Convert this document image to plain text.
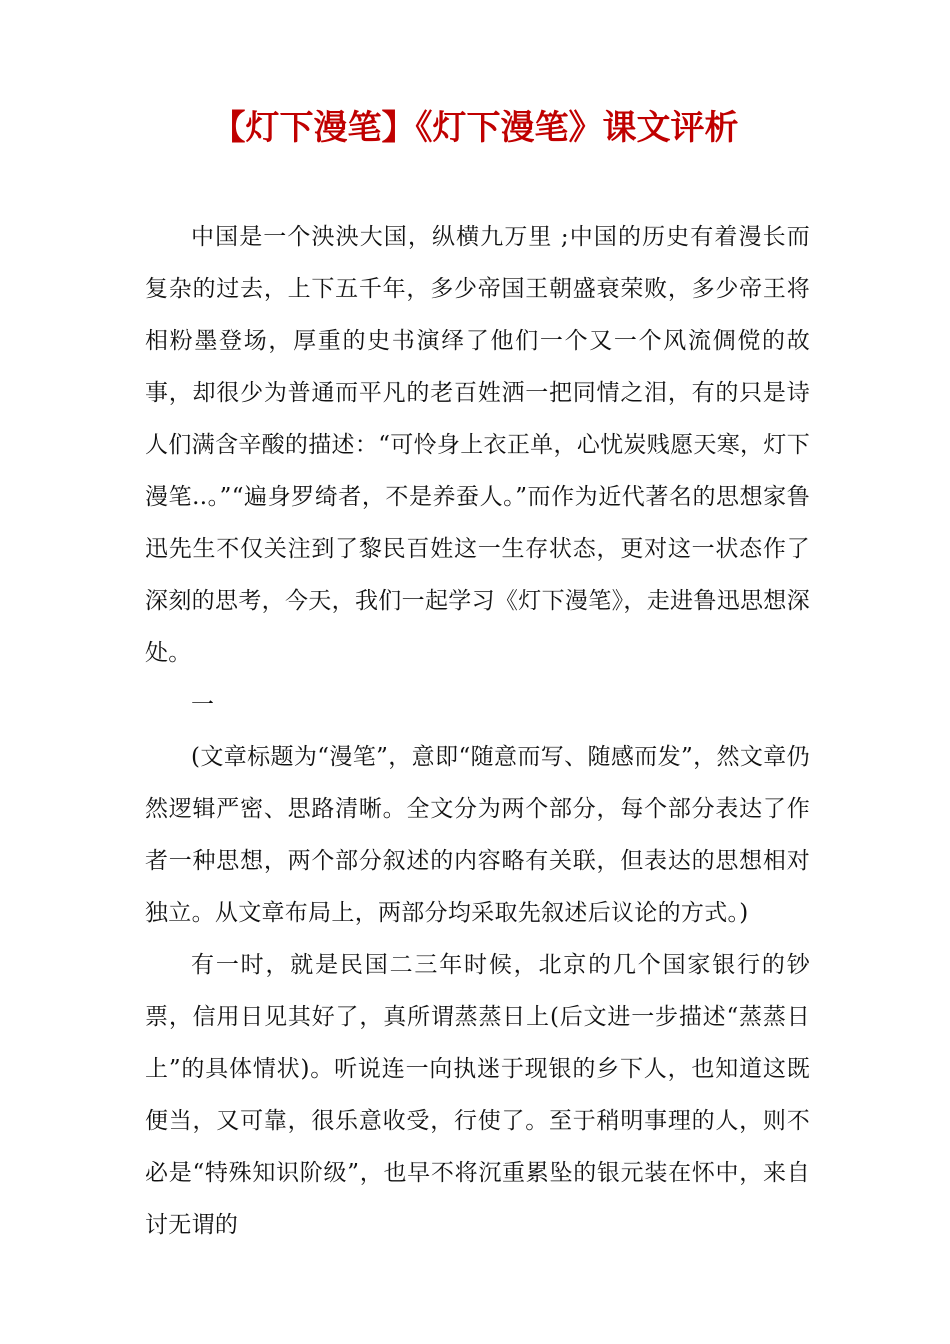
【灯下漫笔】《灯下漫笔》课文评析

中国是一个泱泱大国，纵横九万里 ;中国的历史有着漫长而复杂的过去，上下五千年，多少帝国王朝盛衰荣败，多少帝王将相粉墨登场，厚重的史书演绎了他们一个又一个风流倜傥的故事，却很少为普通而平凡的老百姓洒一把同情之泪，有的只是诗人们满含辛酸的描述：“可怜身上衣正单，心忧炭贱愿天寒，灯下漫笔..。”“遍身罗绮者，不是养蚕人。”而作为近代著名的思想家鲁迅先生不仅关注到了黎民百姓这一生存状态，更对这一状态作了深刻的思考，今天，我们一起学习《灯下漫笔》，走进鲁迅思想深处。

一

(文章标题为“漫笔”，意即“随意而写、随感而发”，然文章仍然逻辑严密、思路清晰。全文分为两个部分，每个部分表达了作者一种思想，两个部分叙述的内容略有关联，但表达的思想相对独立。从文章布局上，两部分均采取先叙述后议论的方式。)

有一时，就是民国二三年时候，北京的几个国家银行的钞票，信用日见其好了，真所谓蒸蒸日上(后文进一步描述“蒸蒸日上”的具体情状)。听说连一向执迷于现银的乡下人，也知道这既便当，又可靠，很乐意收受，行使了。至于稍明事理的人，则不必是“特殊知识阶级”，也早不将沉重累坠的银元装在怀中，来自讨无谓的
